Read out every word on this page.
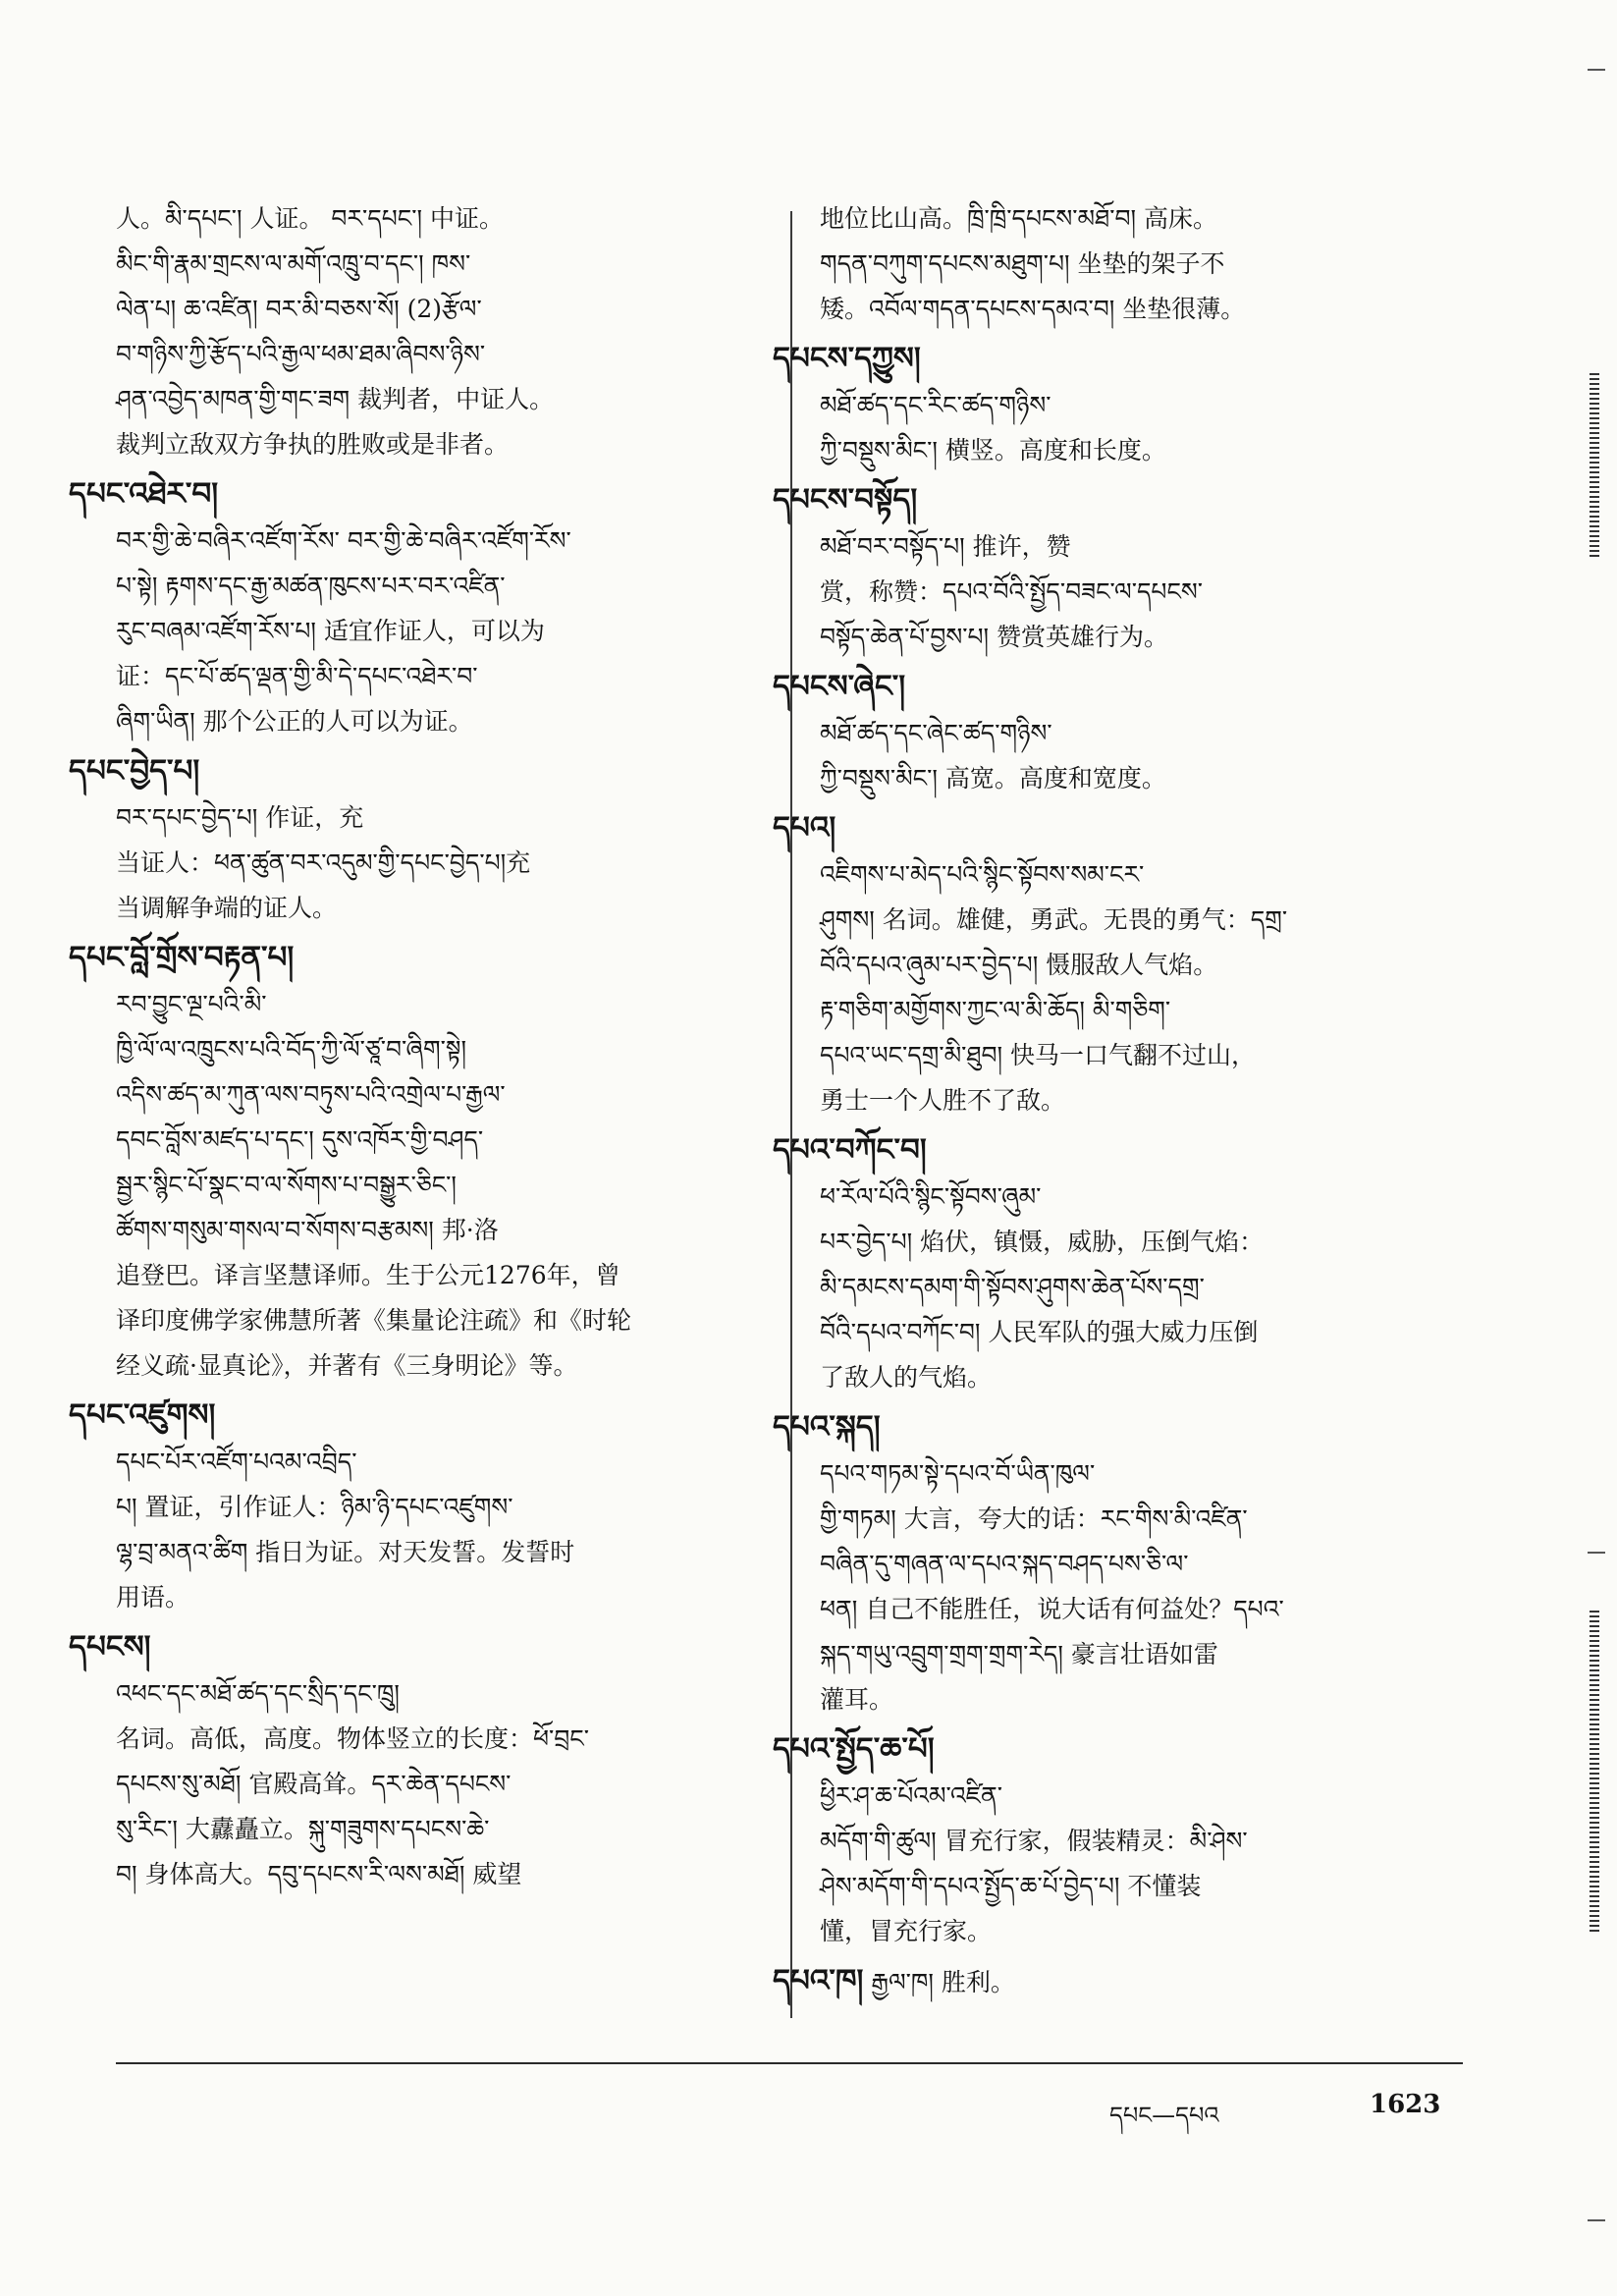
人。མི་དཔང་། 人证。 བར་དཔང་། 中证。

མིང་གི་རྣམ་གྲངས་ལ་མགོ་འཁྲུ་བ་དང་། ཁས་

ལེན་པ། ཆ་འཛིན། བར་མི་བཅས་སོ། (2)རྩོལ་

བ་གཉིས་ཀྱི་རྩོད་པའི་རྒྱལ་ཕམ་ཐམ་ཞིབས་ཉིས་

ཤན་འབྱེད་མཁན་གྱི་གང་ཟག 裁判者，中证人。

裁判立敌双方争执的胜败或是非者。

དཔང་འཐེར་བ།

བར་གྱི་ཆེ་བཞིར་འཛོག་རོས་ བར་གྱི་ཆེ་བཞིར་འཛོག་རོས་

པ་སྟེ། རྟགས་དང་རྒྱ་མཚན་ཁུངས་པར་བར་འཛིན་

རུང་བཞམ་འཛོག་རོས་པ། 适宜作证人，可以为

证：དང་པོ་ཚད་ལྡན་གྱི་མི་དེ་དཔང་འཐེར་བ་

ཞིག་ཡིན། 那个公正的人可以为证。

དཔང་བྱེད་པ།

བར་དཔང་བྱེད་པ། 作证，充

当证人：ཕན་ཚུན་བར་འདུམ་གྱི་དཔང་བྱེད་པ།充

当调解争端的证人。

དཔང་བློ་གྲོས་བརྟན་པ།

རབ་བྱུང་ལྔ་པའི་མི་

ཁྱི་ལོ་ལ་འཁྲུངས་པའི་བོད་ཀྱི་ལོ་ཙཱ་བ་ཞིག་སྟེ།

འདིས་ཚད་མ་ཀུན་ལས་བཏུས་པའི་འགྲེལ་པ་རྒྱལ་

དབང་བློས་མཛད་པ་དང་། དུས་འཁོར་གྱི་བཤད་

སྦྱར་སྙིང་པོ་སྣང་བ་ལ་སོགས་པ་བསྒྱུར་ཅིང་།

ཚོགས་གསུམ་གསལ་བ་སོགས་བརྩམས། 邦·洛

追登巴。译言坚慧译师。生于公元1276年，曾

译印度佛学家佛慧所著《集量论注疏》和《时轮

经义疏·显真论》，并著有《三身明论》等。

དཔང་འཛུགས།

དཔང་པོར་འཛོག་པའམ་འབྲིད་

པ། 置证，引作证人：ཉིམ་ཉི་དཔང་འཛུགས་

ལྷ་བྲ་མནའ་ཚིག 指日为证。对天发誓。发誓时

用语。

དཔངས།

འཕང་དང་མཐོ་ཚད་དང་སྲིད་དང་ཁྲུ།

名词。高低，高度。物体竖立的长度：ཕོ་བྲང་

དཔངས་སུ་མཐོ། 官殿高耸。དར་ཆེན་དཔངས་

སུ་རིང་། 大纛矗立。སྐུ་གཟུགས་དཔངས་ཆེ་

བ། 身体高大。དབུ་དཔངས་རི་ལས་མཐོ། 威望

地位比山高。ཁྲི་ཁྲི་དཔངས་མཐོ་བ། 高床。

གདན་བཀུག་དཔངས་མཐུག་པ། 坐垫的架子不

矮。འབོལ་གདན་དཔངས་དམའ་བ། 坐垫很薄。

དཔངས་དཀྱུས།

མཐོ་ཚད་དང་རིང་ཚད་གཉིས་

ཀྱི་བསྡུས་མིང་། 横竖。高度和长度。

དཔངས་བསྟོད།

མཐོ་བར་བསྟོད་པ། 推许，赞

赏，称赞：དཔའ་བོའི་སྤྱོད་བཟང་ལ་དཔངས་

བསྟོད་ཆེན་པོ་བྱས་པ། 赞赏英雄行为。

དཔངས་ཞེང་།

མཐོ་ཚད་དང་ཞེང་ཚད་གཉིས་

ཀྱི་བསྡུས་མིང་། 高宽。高度和宽度。

དཔའ།

འཇིགས་པ་མེད་པའི་སྙིང་སྟོབས་སམ་ངར་

ཤུགས། 名词。雄健，勇武。无畏的勇气：དགྲ་

བོའི་དཔའ་ཞུམ་པར་བྱེད་པ། 慑服敌人气焰。

རྟ་གཅིག་མགྱོགས་ཀྱང་ལ་མི་ཆོད། མི་གཅིག་

དཔའ་ཡང་དགྲ་མི་ཐུབ། 快马一口气翻不过山，

勇士一个人胜不了敌。

དཔའ་བཀོང་བ།

ཕ་རོལ་པོའི་སྙིང་སྟོབས་ཞུམ་

པར་བྱེད་པ། 焰伏，镇慑，威胁，压倒气焰：

མི་དམངས་དམག་གི་སྟོབས་ཤུགས་ཆེན་པོས་དགྲ་

བོའི་དཔའ་བཀོང་བ། 人民军队的强大威力压倒

了敌人的气焰。

དཔའ་སྐད།

དཔའ་གཏམ་སྟེ་དཔའ་བོ་ཡིན་ཁུལ་

གྱི་གཏམ། 大言，夸大的话：རང་གིས་མི་འཛིན་

བཞིན་དུ་གཞན་ལ་དཔའ་སྐད་བཤད་པས་ཅི་ལ་

ཕན། 自己不能胜任，说大话有何益处？དཔའ་

སྐད་གཡུ་འབྲུག་གྲག་གྲག་རེད། 豪言壮语如雷

灌耳。

དཔའ་སྤྱོད་ཆ་པོ།

ཕྱིར་ཤ་ཆ་པོའམ་འཛིན་

མདོག་གི་ཚུལ། 冒充行家，假装精灵：མི་ཤེས་

ཤེས་མདོག་གི་དཔའ་སྤྱོད་ཆ་པོ་བྱེད་པ། 不懂装

懂，冒充行家。

དཔའ་ཁ། རྒྱལ་ཁ། 胜利。

དཔང—དཔའ	1623
